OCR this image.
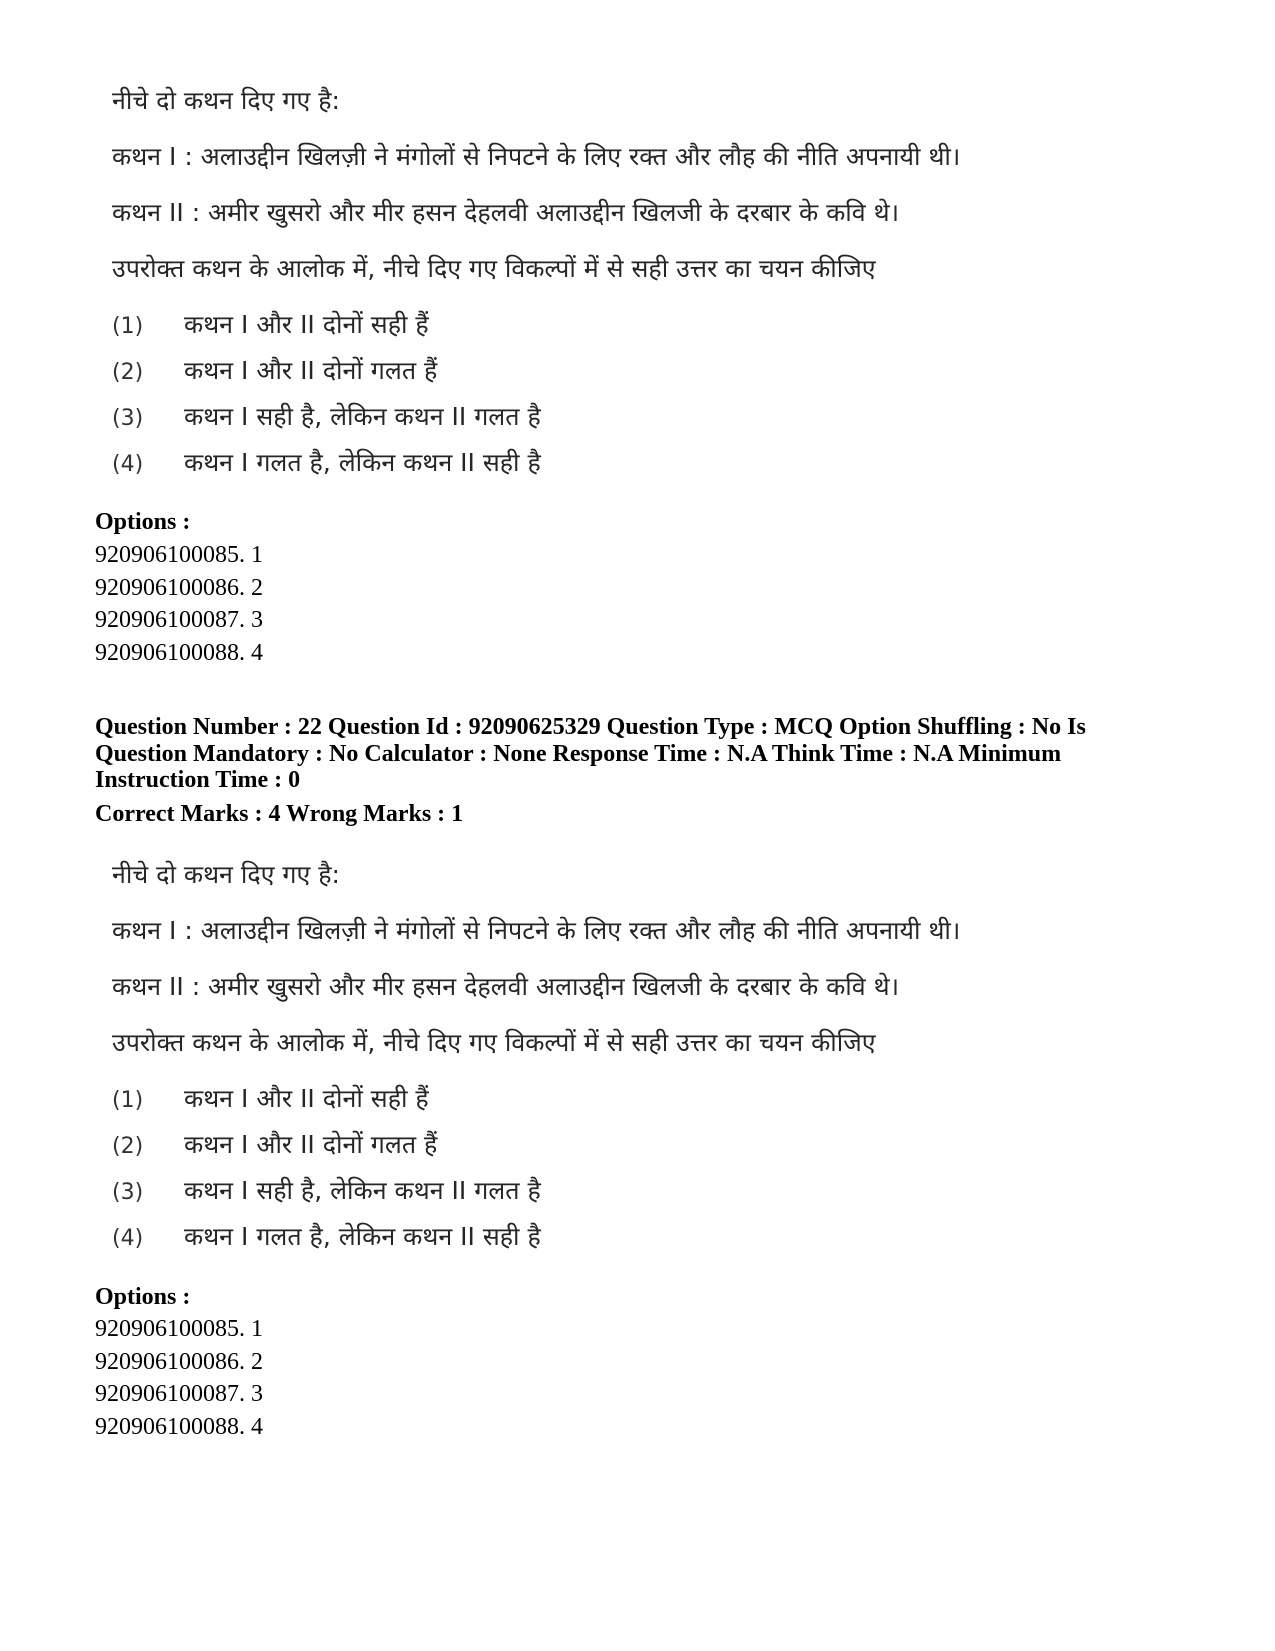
नीचे दो कथन दिए गए है:
कथन I : अलाउद्दीन खिलज़ी ने मंगोलों से निपटने के लिए रक्त और लौह की नीति अपनायी थी।
कथन II : अमीर खुसरो और मीर हसन देहलवी अलाउद्दीन खिलजी के दरबार के कवि थे।
उपरोक्त कथन के आलोक में, नीचे दिए गए विकल्पों में से सही उत्तर का चयन कीजिए
(1) कथन I और II दोनों सही हैं
(2) कथन I और II दोनों गलत हैं
(3) कथन I सही है, लेकिन कथन II गलत है
(4) कथन I गलत है, लेकिन कथन II सही है
Options :
920906100085. 1
920906100086. 2
920906100087. 3
920906100088. 4
Question Number : 22 Question Id : 92090625329 Question Type : MCQ Option Shuffling : No Is Question Mandatory : No Calculator : None Response Time : N.A Think Time : N.A Minimum Instruction Time : 0
Correct Marks : 4 Wrong Marks : 1
नीचे दो कथन दिए गए है:
कथन I : अलाउद्दीन खिलज़ी ने मंगोलों से निपटने के लिए रक्त और लौह की नीति अपनायी थी।
कथन II : अमीर खुसरो और मीर हसन देहलवी अलाउद्दीन खिलजी के दरबार के कवि थे।
उपरोक्त कथन के आलोक में, नीचे दिए गए विकल्पों में से सही उत्तर का चयन कीजिए
(1) कथन I और II दोनों सही हैं
(2) कथन I और II दोनों गलत हैं
(3) कथन I सही है, लेकिन कथन II गलत है
(4) कथन I गलत है, लेकिन कथन II सही है
Options :
920906100085. 1
920906100086. 2
920906100087. 3
920906100088. 4
